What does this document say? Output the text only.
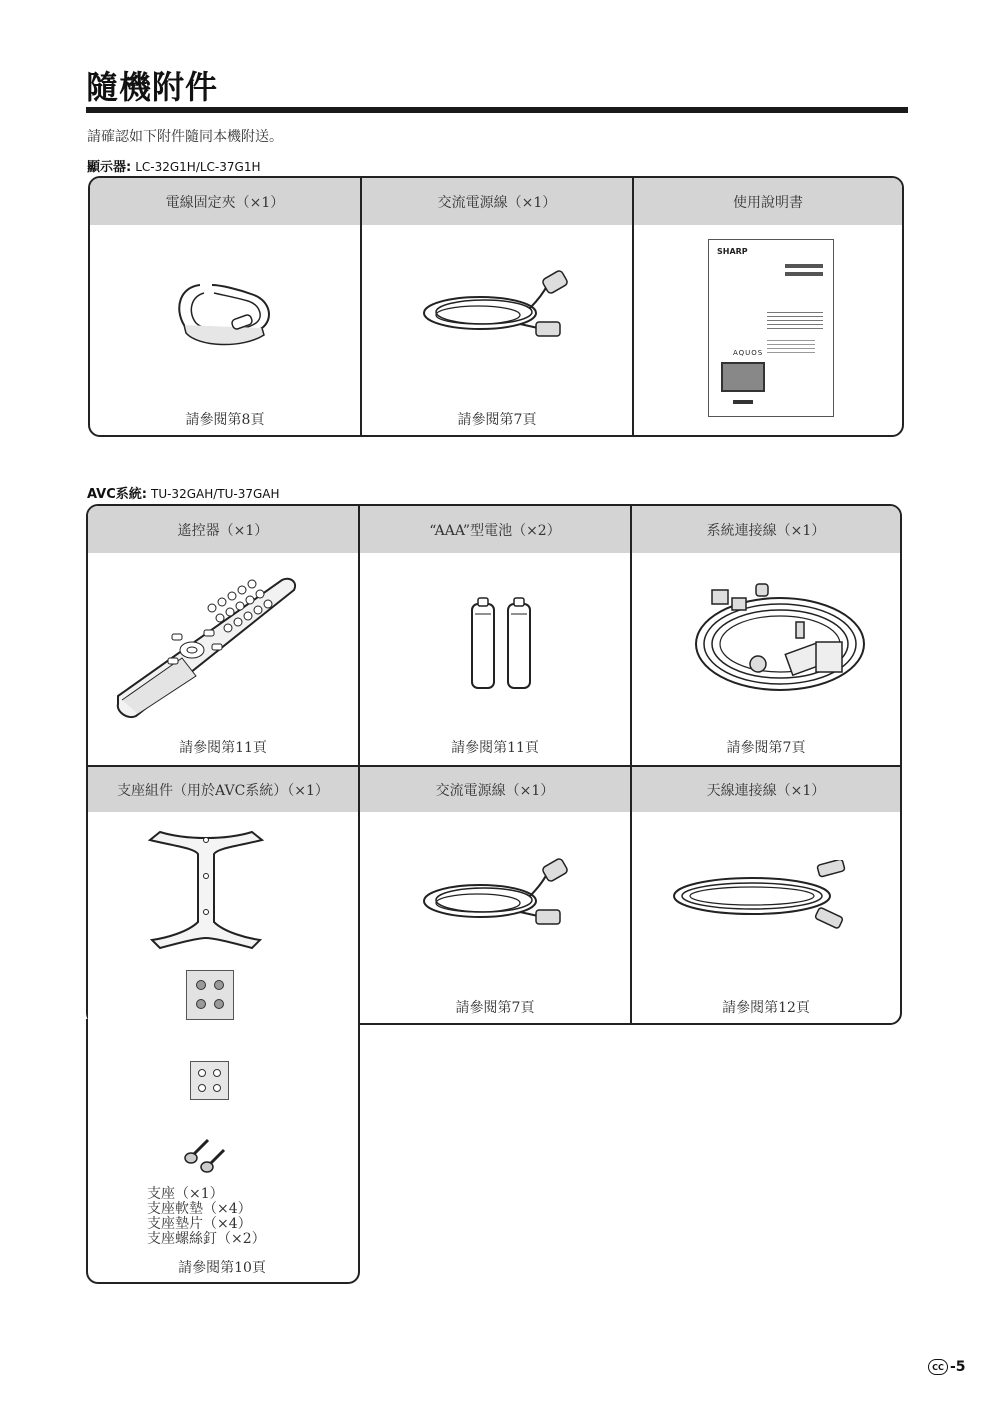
隨機附件
請確認如下附件隨同本機附送。
顯示器: LC-32G1H/LC-37G1H
電線固定夾（×1）	交流電源線（×1）	使用說明書
請參閱第8頁	請參閱第7頁
SHARP
AQUOS
AVC系統: TU-32GAH/TU-37GAH
遙控器（×1）	“AAA”型電池（×2）	系統連接線（×1）
支座組件（用於AVC系統）（×1）	交流電源線（×1）	天線連接線（×1）
請參閱第11頁	請參閱第11頁	請參閱第7頁
請參閱第7頁	請參閱第12頁
支座（×1）
支座軟墊（×4）
支座墊片（×4）
支座螺絲釘（×2）
請參閱第10頁
CC -5
